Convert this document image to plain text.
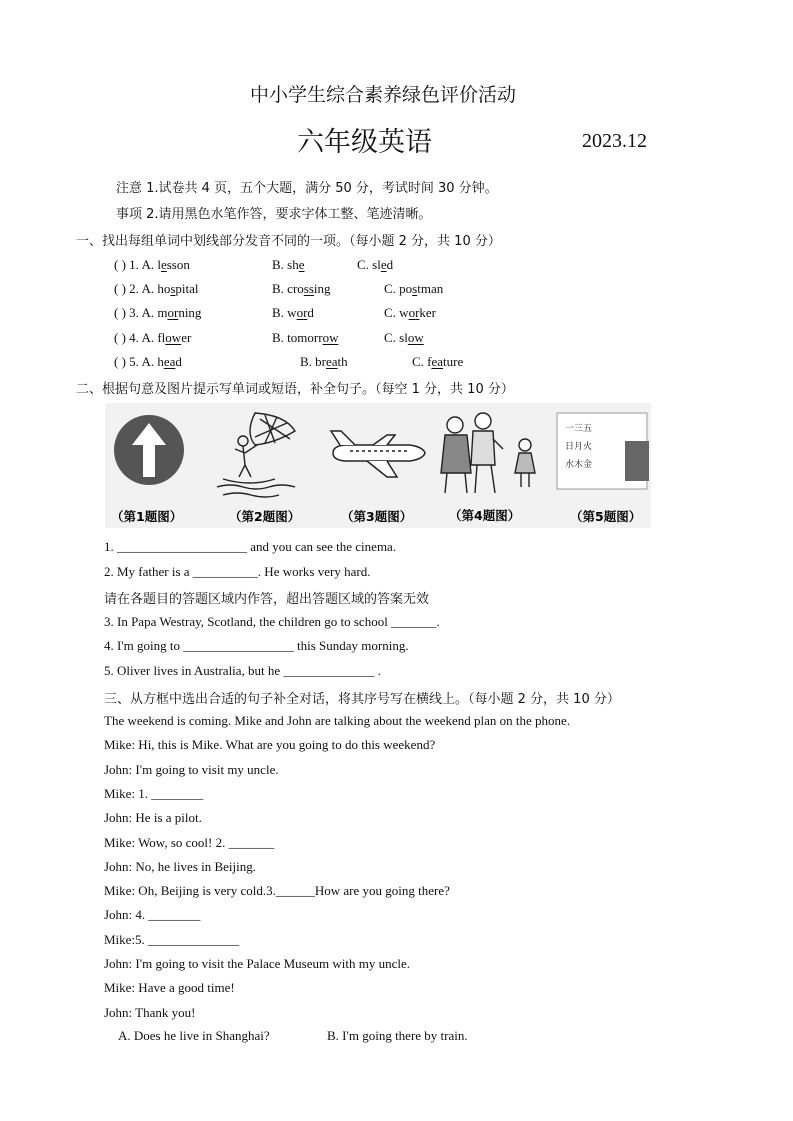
中小学生综合素养绿色评价活动
六年级英语	2023.12
注意 1.试卷共 4 页，五个大题，满分 50 分，考试时间 30 分钟。
事项 2.请用黑色水笔作答，要求字体工整、笔迹清晰。
一、找出每组单词中划线部分发音不同的一项。（每小题 2 分，共 10 分）
( ) 1. A. lesson	B. she	C. sled
( ) 2. A. hospital	B. crossing	C. postman
( ) 3. A. morning	B. word	C. worker
( ) 4. A. flower	B. tomorrow	C. slow
( ) 5. A. head	B. breath	C. feature
二、根据句意及图片提示写单词或短语，补全句子。（每空 1 分，共 10 分）
一三五
日月火
水木金
（第1题图）	（第2题图）	（第3题图）	（第4题图）	（第5题图）
1. ____________________ and you can see the cinema.
2. My father is a __________. He works very hard.
请在各题目的答题区域内作答，超出答题区域的答案无效
3. In Papa Westray, Scotland, the children go to school _______.
4. I'm going to _________________ this Sunday morning.
5. Oliver lives in Australia, but he ______________ .
三、从方框中选出合适的句子补全对话，将其序号写在横线上。（每小题 2 分，共 10 分）
The weekend is coming. Mike and John are talking about the weekend plan on the phone.
Mike: Hi, this is Mike. What are you going to do this weekend?
John: I'm going to visit my uncle.
Mike: 1. ________
John: He is a pilot.
Mike: Wow, so cool! 2. _______
John: No, he lives in Beijing.
Mike: Oh, Beijing is very cold.3.______How are you going there?
John: 4. ________
Mike:5. ______________
John: I'm going to visit the Palace Museum with my uncle.
Mike: Have a good time!
John: Thank you!
A. Does he live in Shanghai?	B. I'm going there by train.
